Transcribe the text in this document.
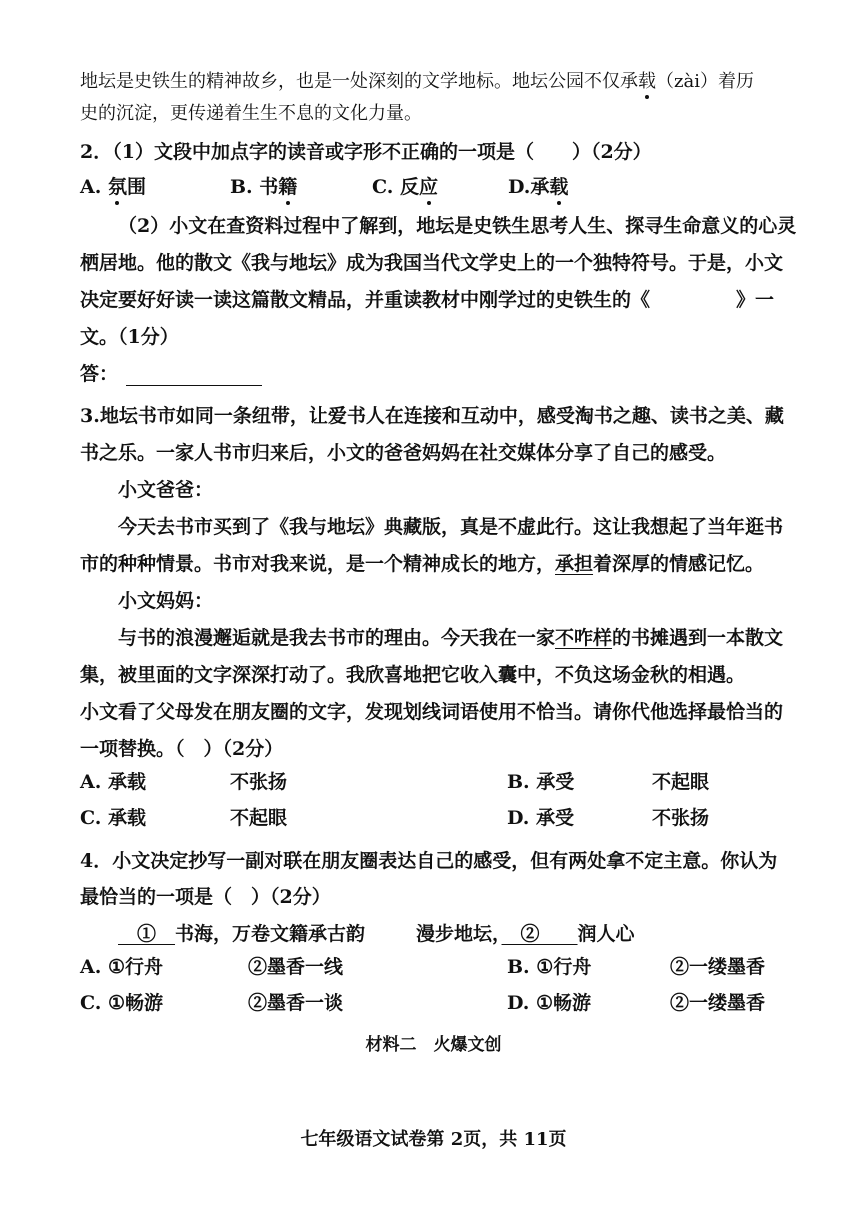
地坛是史铁生的精神故乡，也是一处深刻的文学地标。地坛公园不仅承载（zài）着历
史的沉淀，更传递着生生不息的文化力量。
2．（1）文段中加点字的读音或字形不正确的一项是（　　）（2分）
A. 氛围	B. 书籍	C. 反应	D.承载
（2）小文在查资料过程中了解到，地坛是史铁生思考人生、探寻生命意义的心灵
栖居地。他的散文《我与地坛》成为我国当代文学史上的一个独特符号。于是，小文
决定要好好读一读这篇散文精品，并重读教材中刚学过的史铁生的《	》一
文。（1分）
答：
3.地坛书市如同一条纽带，让爱书人在连接和互动中，感受淘书之趣、读书之美、藏
书之乐。一家人书市归来后，小文的爸爸妈妈在社交媒体分享了自己的感受。
小文爸爸：
今天去书市买到了《我与地坛》典藏版，真是不虚此行。这让我想起了当年逛书
市的种种情景。书市对我来说，是一个精神成长的地方，承担着深厚的情感记忆。
小文妈妈：
与书的浪漫邂逅就是我去书市的理由。今天我在一家不咋样的书摊遇到一本散文
集，被里面的文字深深打动了。我欣喜地把它收入囊中，不负这场金秋的相遇。
小文看了父母发在朋友圈的文字，发现划线词语使用不恰当。请你代他选择最恰当的
一项替换。（　）（2分）
A. 承载	不张扬	B. 承受	不起眼
C. 承载	不起眼	D. 承受	不张扬
4．小文决定抄写一副对联在朋友圈表达自己的感受，但有两处拿不定主意。你认为
最恰当的一项是（　）（2分）
　①　书海，万卷文籍承古韵	漫步地坛，　②　　润人心
A. ①行舟	②墨香一线	B. ①行舟	②一缕墨香
C. ①畅游	②墨香一谈	D. ①畅游	②一缕墨香
材料二　火爆文创
七年级语文试卷第 2页，共 11页
